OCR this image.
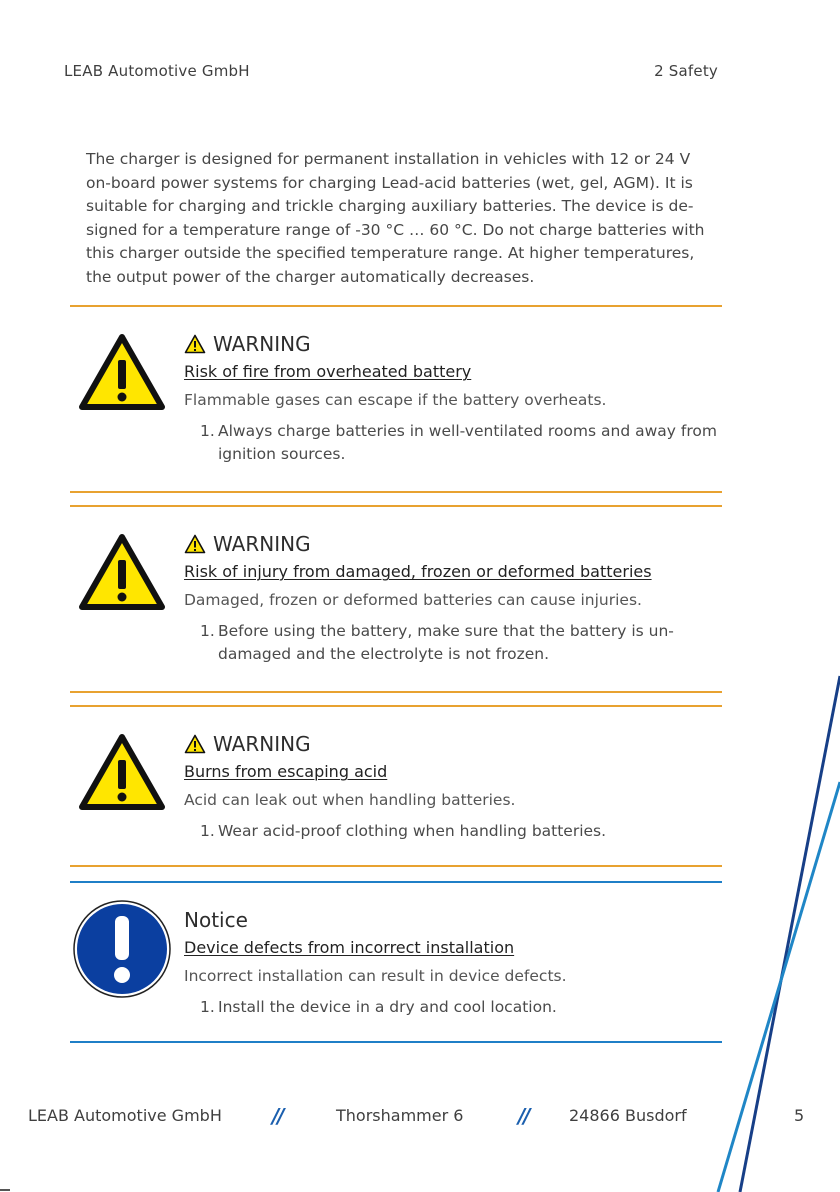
LEAB Automotive GmbH	2 Safety
The charger is designed for permanent installation in vehicles with 12 or 24 V on-board power systems for charging Lead-acid batteries (wet, gel, AGM). It is suitable for charging and trickle charging auxiliary batteries. The device is de-signed for a temperature range of -30 °C … 60 °C. Do not charge batteries with this charger outside the specified temperature range. At higher temperatures, the output power of the charger automatically decreases.
WARNING
Risk of fire from overheated battery
Flammable gases can escape if the battery overheats.
1. Always charge batteries in well-ventilated rooms and away from ignition sources.
WARNING
Risk of injury from damaged, frozen or deformed batteries
Damaged, frozen or deformed batteries can cause injuries.
1. Before using the battery, make sure that the battery is un-damaged and the electrolyte is not frozen.
WARNING
Burns from escaping acid
Acid can leak out when handling batteries.
1. Wear acid-proof clothing when handling batteries.
Notice
Device defects from incorrect installation
Incorrect installation can result in device defects.
1. Install the device in a dry and cool location.
LEAB Automotive GmbH	//	Thorshammer 6	//	24866 Busdorf	5
